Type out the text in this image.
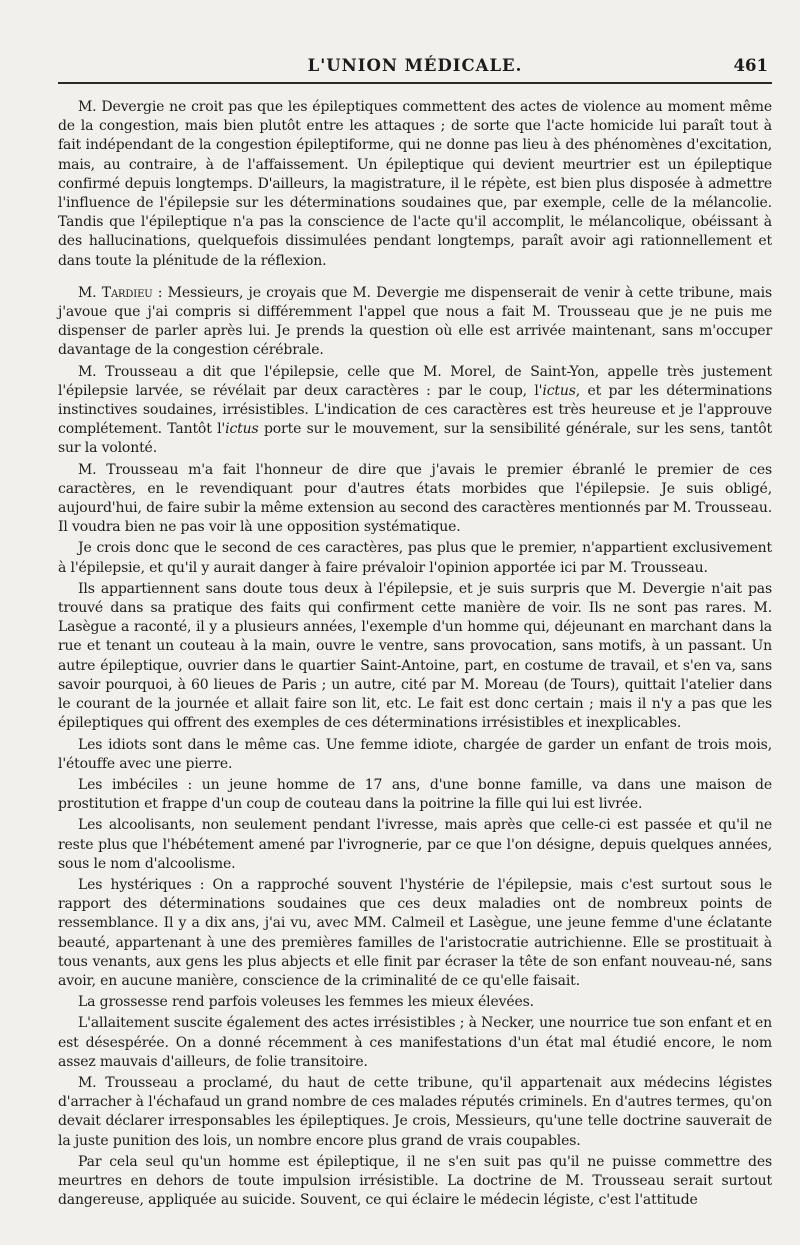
L'UNION MÉDICALE.	461

M. Devergie ne croit pas que les épileptiques commettent des actes de violence au moment même de la congestion, mais bien plutôt entre les attaques ; de sorte que l'acte homicide lui paraît tout à fait indépendant de la congestion épileptiforme, qui ne donne pas lieu à des phénomènes d'excitation, mais, au contraire, à de l'affaissement. Un épileptique qui devient meurtrier est un épileptique confirmé depuis longtemps. D'ailleurs, la magistrature, il le répète, est bien plus disposée à admettre l'influence de l'épilepsie sur les déterminations soudaines que, par exemple, celle de la mélancolie. Tandis que l'épileptique n'a pas la conscience de l'acte qu'il accomplit, le mélancolique, obéissant à des hallucinations, quelquefois dissimulées pendant longtemps, paraît avoir agi rationnellement et dans toute la plénitude de la réflexion.

M. Tardieu : Messieurs, je croyais que M. Devergie me dispenserait de venir à cette tribune, mais j'avoue que j'ai compris si différemment l'appel que nous a fait M. Trousseau que je ne puis me dispenser de parler après lui. Je prends la question où elle est arrivée maintenant, sans m'occuper davantage de la congestion cérébrale.

M. Trousseau a dit que l'épilepsie, celle que M. Morel, de Saint-Yon, appelle très justement l'épilepsie larvée, se révélait par deux caractères : par le coup, l'ictus, et par les déterminations instinctives soudaines, irrésistibles. L'indication de ces caractères est très heureuse et je l'approuve complétement. Tantôt l'ictus porte sur le mouvement, sur la sensibilité générale, sur les sens, tantôt sur la volonté.

M. Trousseau m'a fait l'honneur de dire que j'avais le premier ébranlé le premier de ces caractères, en le revendiquant pour d'autres états morbides que l'épilepsie. Je suis obligé, aujourd'hui, de faire subir la même extension au second des caractères mentionnés par M. Trousseau. Il voudra bien ne pas voir là une opposition systématique.

Je crois donc que le second de ces caractères, pas plus que le premier, n'appartient exclusivement à l'épilepsie, et qu'il y aurait danger à faire prévaloir l'opinion apportée ici par M. Trousseau.

Ils appartiennent sans doute tous deux à l'épilepsie, et je suis surpris que M. Devergie n'ait pas trouvé dans sa pratique des faits qui confirment cette manière de voir. Ils ne sont pas rares. M. Lasègue a raconté, il y a plusieurs années, l'exemple d'un homme qui, déjeunant en marchant dans la rue et tenant un couteau à la main, ouvre le ventre, sans provocation, sans motifs, à un passant. Un autre épileptique, ouvrier dans le quartier Saint-Antoine, part, en costume de travail, et s'en va, sans savoir pourquoi, à 60 lieues de Paris ; un autre, cité par M. Moreau (de Tours), quittait l'atelier dans le courant de la journée et allait faire son lit, etc. Le fait est donc certain ; mais il n'y a pas que les épileptiques qui offrent des exemples de ces déterminations irrésistibles et inexplicables.

Les idiots sont dans le même cas. Une femme idiote, chargée de garder un enfant de trois mois, l'étouffe avec une pierre.

Les imbéciles : un jeune homme de 17 ans, d'une bonne famille, va dans une maison de prostitution et frappe d'un coup de couteau dans la poitrine la fille qui lui est livrée.

Les alcoolisants, non seulement pendant l'ivresse, mais après que celle-ci est passée et qu'il ne reste plus que l'hébétement amené par l'ivrognerie, par ce que l'on désigne, depuis quelques années, sous le nom d'alcoolisme.

Les hystériques : On a rapproché souvent l'hystérie de l'épilepsie, mais c'est surtout sous le rapport des déterminations soudaines que ces deux maladies ont de nombreux points de ressemblance. Il y a dix ans, j'ai vu, avec MM. Calmeil et Lasègue, une jeune femme d'une éclatante beauté, appartenant à une des premières familles de l'aristocratie autrichienne. Elle se prostituait à tous venants, aux gens les plus abjects et elle finit par écraser la tête de son enfant nouveau-né, sans avoir, en aucune manière, conscience de la criminalité de ce qu'elle faisait.

La grossesse rend parfois voleuses les femmes les mieux élevées.

L'allaitement suscite également des actes irrésistibles ; à Necker, une nourrice tue son enfant et en est désespérée. On a donné récemment à ces manifestations d'un état mal étudié encore, le nom assez mauvais d'ailleurs, de folie transitoire.

M. Trousseau a proclamé, du haut de cette tribune, qu'il appartenait aux médecins légistes d'arracher à l'échafaud un grand nombre de ces malades réputés criminels. En d'autres termes, qu'on devait déclarer irresponsables les épileptiques. Je crois, Messieurs, qu'une telle doctrine sauverait de la juste punition des lois, un nombre encore plus grand de vrais coupables.

Par cela seul qu'un homme est épileptique, il ne s'en suit pas qu'il ne puisse commettre des meurtres en dehors de toute impulsion irrésistible. La doctrine de M. Trousseau serait surtout dangereuse, appliquée au suicide. Souvent, ce qui éclaire le médecin légiste, c'est l'attitude
